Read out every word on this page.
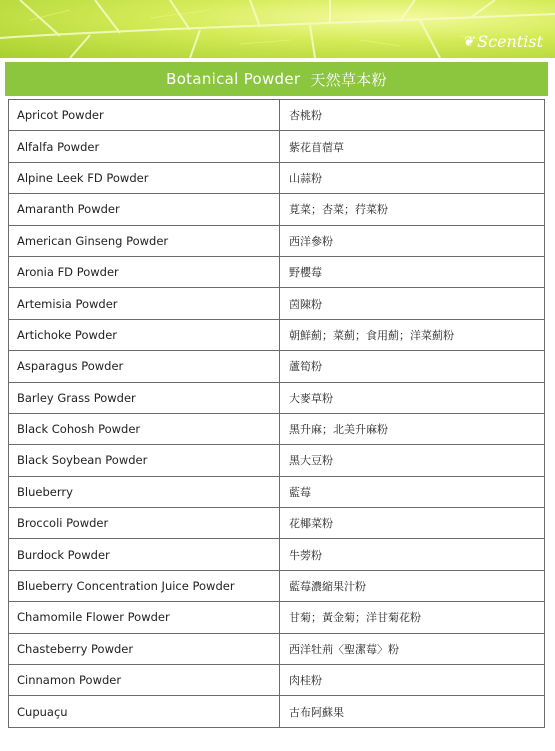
❦ Scentist
Botanical Powder 天然草本粉
Apricot Powder	杏桃粉
Alfalfa Powder	紫花苜蓿草
Alpine Leek FD Powder	山蒜粉
Amaranth Powder	莧菜；杏菜；荇菜粉
American Ginseng Powder	西洋參粉
Aronia FD Powder	野櫻莓
Artemisia Powder	茵陳粉
Artichoke Powder	朝鮮薊；菜薊；食用薊；洋菜薊粉
Asparagus Powder	蘆筍粉
Barley Grass Powder	大麥草粉
Black Cohosh Powder	黑升麻；北美升麻粉
Black Soybean Powder	黑大豆粉
Blueberry	藍莓
Broccoli Powder	花椰菜粉
Burdock Powder	牛蒡粉
Blueberry Concentration Juice Powder	藍莓濃縮果汁粉
Chamomile Flower Powder	甘菊；黃金菊；洋甘菊花粉
Chasteberry Powder	西洋牡荊〈聖潔莓〉粉
Cinnamon Powder	肉桂粉
Cupuaçu	古布阿蘇果
